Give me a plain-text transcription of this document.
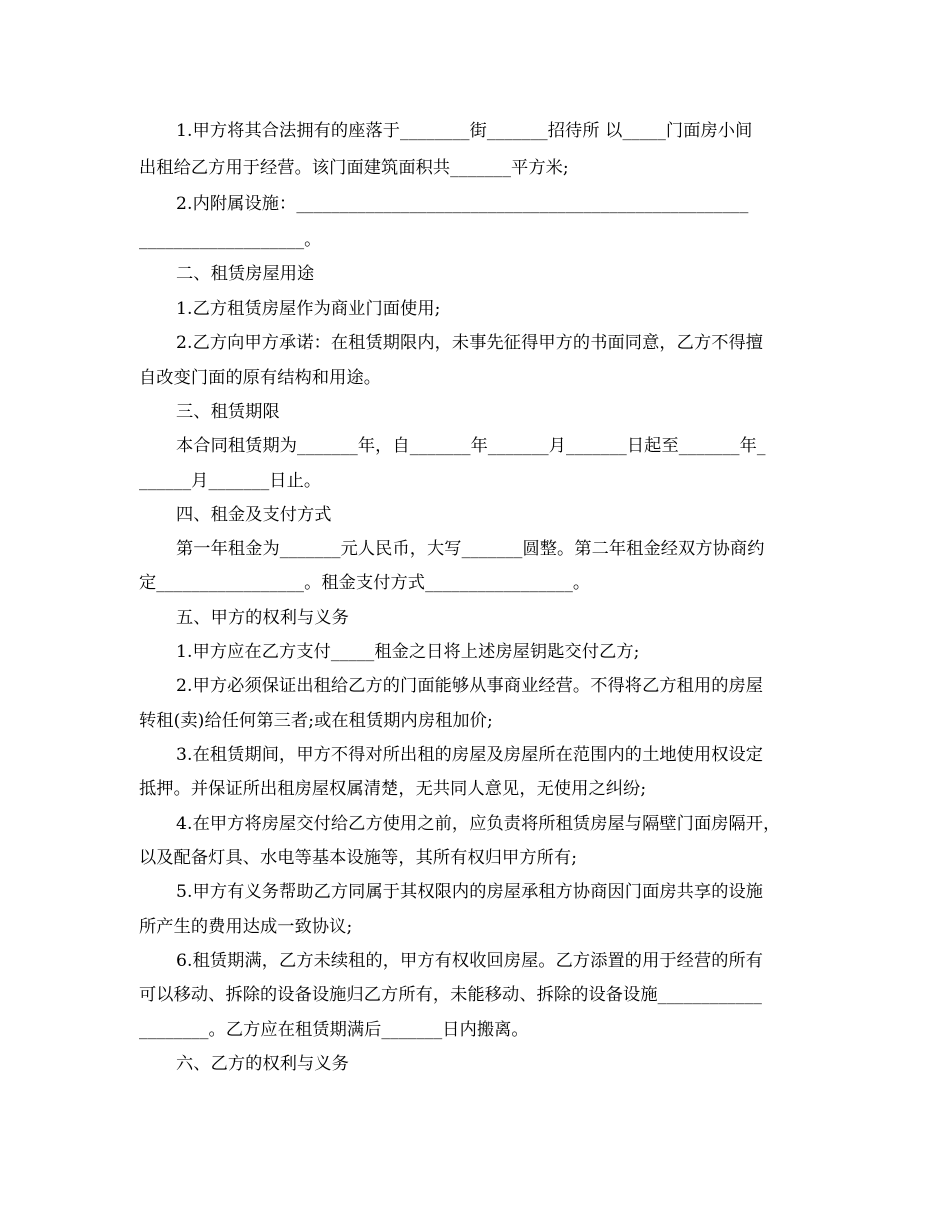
1.甲方将其合法拥有的座落于________街_______招待所 以_____门面房小间
出租给乙方用于经营。该门面建筑面积共_______平方米;
2.内附属设施：____________________________________________________
___________________。
二、租赁房屋用途
1.乙方租赁房屋作为商业门面使用;
2.乙方向甲方承诺：在租赁期限内，未事先征得甲方的书面同意，乙方不得擅
自改变门面的原有结构和用途。
三、租赁期限
本合同租赁期为_______年，自_______年_______月_______日起至_______年_
______月_______日止。
四、租金及支付方式
第一年租金为_______元人民币，大写_______圆整。第二年租金经双方协商约
定_________________。租金支付方式_________________。
五、甲方的权利与义务
1.甲方应在乙方支付_____租金之日将上述房屋钥匙交付乙方;
2.甲方必须保证出租给乙方的门面能够从事商业经营。不得将乙方租用的房屋
转租(卖)给任何第三者;或在租赁期内房租加价;
3.在租赁期间，甲方不得对所出租的房屋及房屋所在范围内的土地使用权设定
抵押。并保证所出租房屋权属清楚，无共同人意见，无使用之纠纷;
4.在甲方将房屋交付给乙方使用之前，应负责将所租赁房屋与隔壁门面房隔开，
以及配备灯具、水电等基本设施等，其所有权归甲方所有;
5.甲方有义务帮助乙方同属于其权限内的房屋承租方协商因门面房共享的设施
所产生的费用达成一致协议;
6.租赁期满，乙方未续租的，甲方有权收回房屋。乙方添置的用于经营的所有
可以移动、拆除的设备设施归乙方所有，未能移动、拆除的设备设施____________
________。乙方应在租赁期满后_______日内搬离。
六、乙方的权利与义务
